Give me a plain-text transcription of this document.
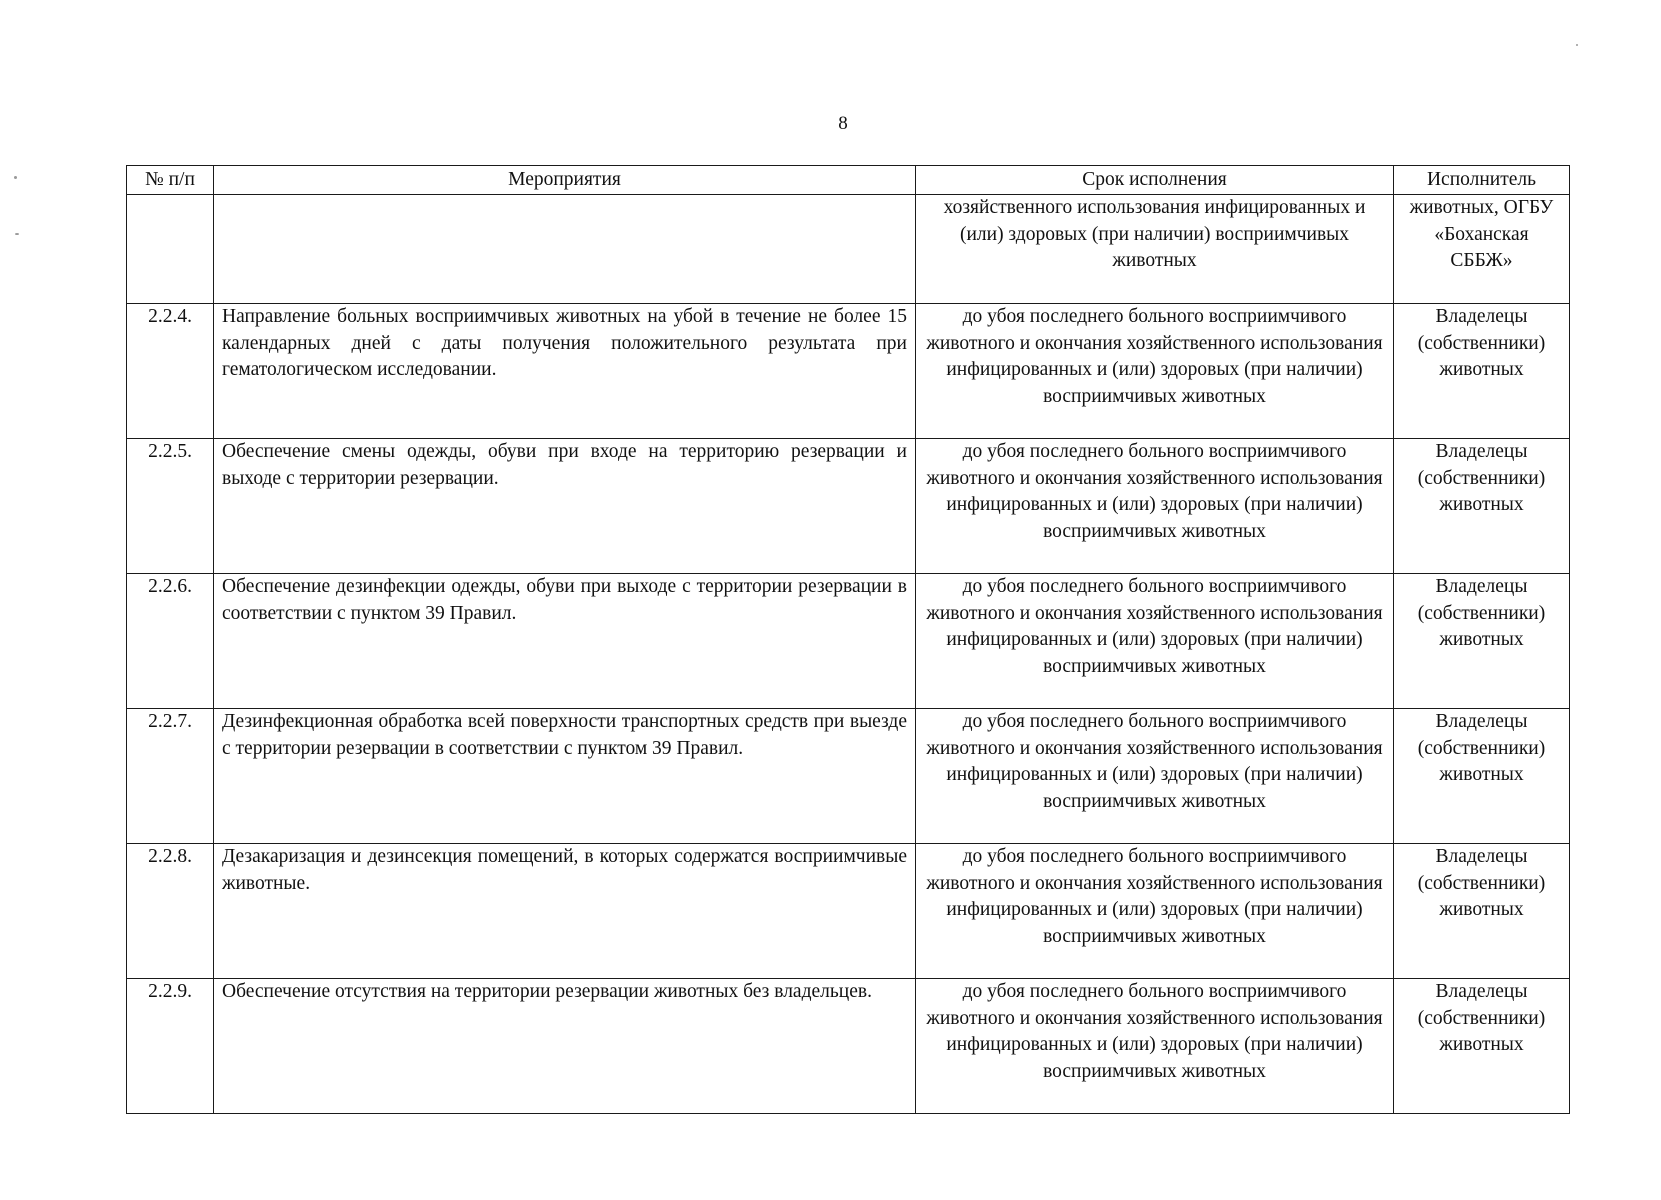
8
№ п/п	Мероприятия	Срок исполнения	Исполнитель
		хозяйственного использования инфицированных и (или) здоровых (при наличии) восприимчивых животных	животных, ОГБУ «Боханская СББЖ»
2.2.4.	Направление больных восприимчивых животных на убой в течение не более 15 календарных дней с даты получения положительного результата при гематологическом исследовании.	до убоя последнего больного восприимчивого животного и окончания хозяйственного использования инфицированных и (или) здоровых (при наличии) восприимчивых животных	Владелецы (собственники) животных
2.2.5.	Обеспечение смены одежды, обуви при входе на территорию резервации и выходе с территории резервации.	до убоя последнего больного восприимчивого животного и окончания хозяйственного использования инфицированных и (или) здоровых (при наличии) восприимчивых животных	Владелецы (собственники) животных
2.2.6.	Обеспечение дезинфекции одежды, обуви при выходе с территории резервации в соответствии с пунктом 39 Правил.	до убоя последнего больного восприимчивого животного и окончания хозяйственного использования инфицированных и (или) здоровых (при наличии) восприимчивых животных	Владелецы (собственники) животных
2.2.7.	Дезинфекционная обработка всей поверхности транспортных средств при выезде с территории резервации в соответствии с пунктом 39 Правил.	до убоя последнего больного восприимчивого животного и окончания хозяйственного использования инфицированных и (или) здоровых (при наличии) восприимчивых животных	Владелецы (собственники) животных
2.2.8.	Дезакаризация и дезинсекция помещений, в которых содержатся восприимчивые животные.	до убоя последнего больного восприимчивого животного и окончания хозяйственного использования инфицированных и (или) здоровых (при наличии) восприимчивых животных	Владелецы (собственники) животных
2.2.9.	Обеспечение отсутствия на территории резервации животных без владельцев.	до убоя последнего больного восприимчивого животного и окончания хозяйственного использования инфицированных и (или) здоровых (при наличии) восприимчивых животных	Владелецы (собственники) животных
